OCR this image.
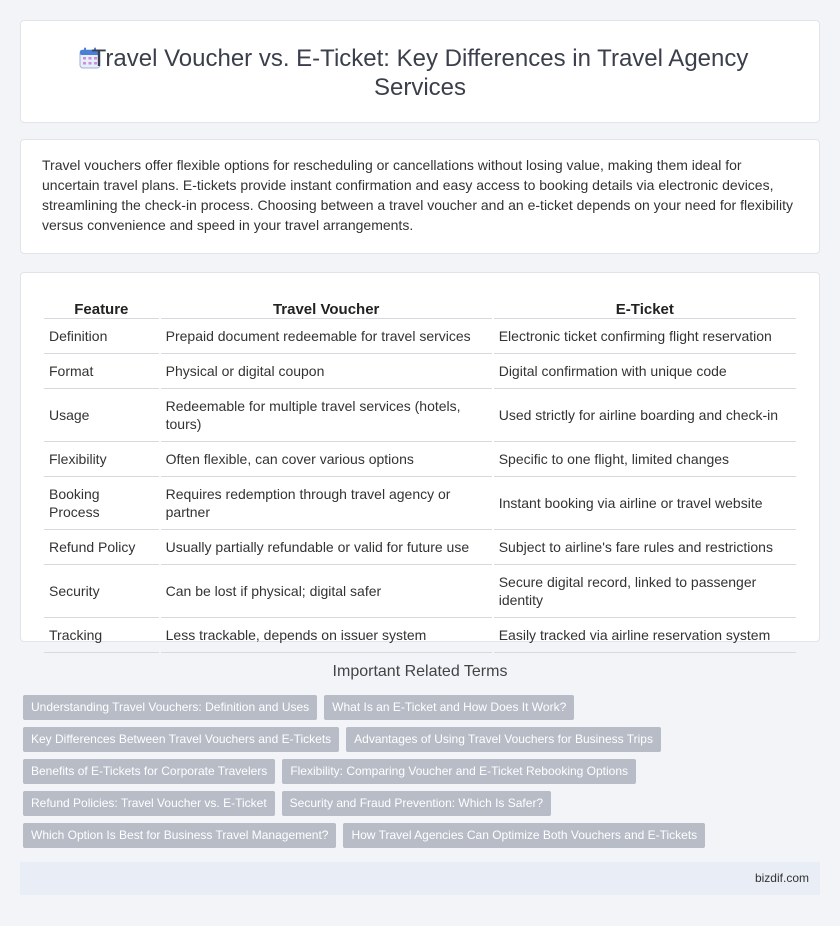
Travel Voucher vs. E-Ticket: Key Differences in Travel Agency Services

Travel vouchers offer flexible options for rescheduling or cancellations without losing value, making them ideal for uncertain travel plans. E-tickets provide instant confirmation and easy access to booking details via electronic devices, streamlining the check-in process. Choosing between a travel voucher and an e-ticket depends on your need for flexibility versus convenience and speed in your travel arrangements.

Feature	Travel Voucher	E-Ticket
Definition	Prepaid document redeemable for travel services	Electronic ticket confirming flight reservation
Format	Physical or digital coupon	Digital confirmation with unique code
Usage	Redeemable for multiple travel services (hotels, tours)	Used strictly for airline boarding and check-in
Flexibility	Often flexible, can cover various options	Specific to one flight, limited changes
Booking Process	Requires redemption through travel agency or partner	Instant booking via airline or travel website
Refund Policy	Usually partially refundable or valid for future use	Subject to airline's fare rules and restrictions
Security	Can be lost if physical; digital safer	Secure digital record, linked to passenger identity
Tracking	Less trackable, depends on issuer system	Easily tracked via airline reservation system
Important Related Terms
Understanding Travel Vouchers: Definition and Uses	What Is an E-Ticket and How Does It Work?
Key Differences Between Travel Vouchers and E-Tickets	Advantages of Using Travel Vouchers for Business Trips
Benefits of E-Tickets for Corporate Travelers	Flexibility: Comparing Voucher and E-Ticket Rebooking Options
Refund Policies: Travel Voucher vs. E-Ticket	Security and Fraud Prevention: Which Is Safer?
Which Option Is Best for Business Travel Management?	How Travel Agencies Can Optimize Both Vouchers and E-Tickets
bizdif.com
